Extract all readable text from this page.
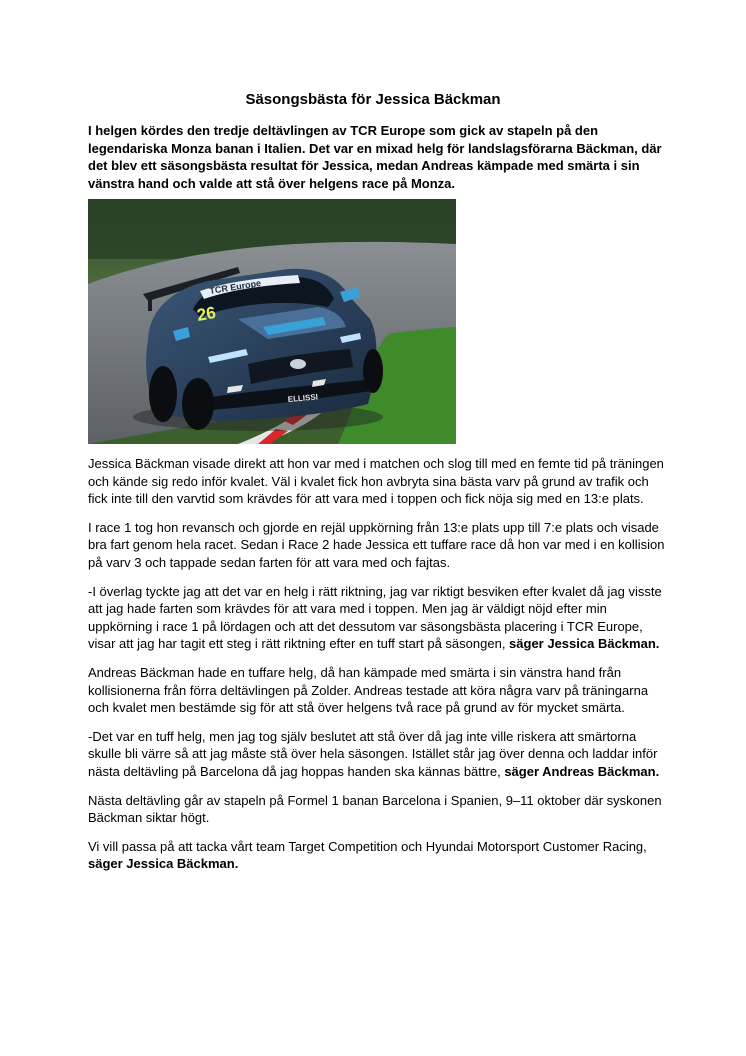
Säsongsbästa för Jessica Bäckman
I helgen kördes den tredje deltävlingen av TCR Europe som gick av stapeln på den legendariska Monza banan i Italien. Det var en mixad helg för landslagsförarna Bäckman, där det blev ett säsongsbästa resultat för Jessica, medan Andreas kämpade med smärta i sin vänstra hand och valde att stå över helgens race på Monza.
TCR Europe
26
ELLISSI

Jessica Bäckman visade direkt att hon var med i matchen och slog till med en femte tid på träningen och kände sig redo inför kvalet. Väl i kvalet fick hon avbryta sina bästa varv på grund av trafik och fick inte till den varvtid som krävdes för att vara med i toppen och fick nöja sig med en 13:e plats.

I race 1 tog hon revansch och gjorde en rejäl uppkörning från 13:e plats upp till 7:e plats och visade bra fart genom hela racet. Sedan i Race 2 hade Jessica ett tuffare race då hon var med i en kollision på varv 3 och tappade sedan farten för att vara med och fajtas.

-I överlag tyckte jag att det var en helg i rätt riktning, jag var riktigt besviken efter kvalet då jag visste att jag hade farten som krävdes för att vara med i toppen. Men jag är väldigt nöjd efter min uppkörning i race 1 på lördagen och att det dessutom var säsongsbästa placering i TCR Europe, visar att jag har tagit ett steg i rätt riktning efter en tuff start på säsongen, säger Jessica Bäckman.

Andreas Bäckman hade en tuffare helg, då han kämpade med smärta i sin vänstra hand från kollisionerna från förra deltävlingen på Zolder. Andreas testade att köra några varv på träningarna och kvalet men bestämde sig för att stå över helgens två race på grund av för mycket smärta.

-Det var en tuff helg, men jag tog själv beslutet att stå över då jag inte ville riskera att smärtorna skulle bli värre så att jag måste stå över hela säsongen. Istället står jag över denna och laddar inför nästa deltävling på Barcelona då jag hoppas handen ska kännas bättre, säger Andreas Bäckman.

Nästa deltävling går av stapeln på Formel 1 banan Barcelona i Spanien, 9–11 oktober där syskonen Bäckman siktar högt.

Vi vill passa på att tacka vårt team Target Competition och Hyundai Motorsport Customer Racing, säger Jessica Bäckman.
